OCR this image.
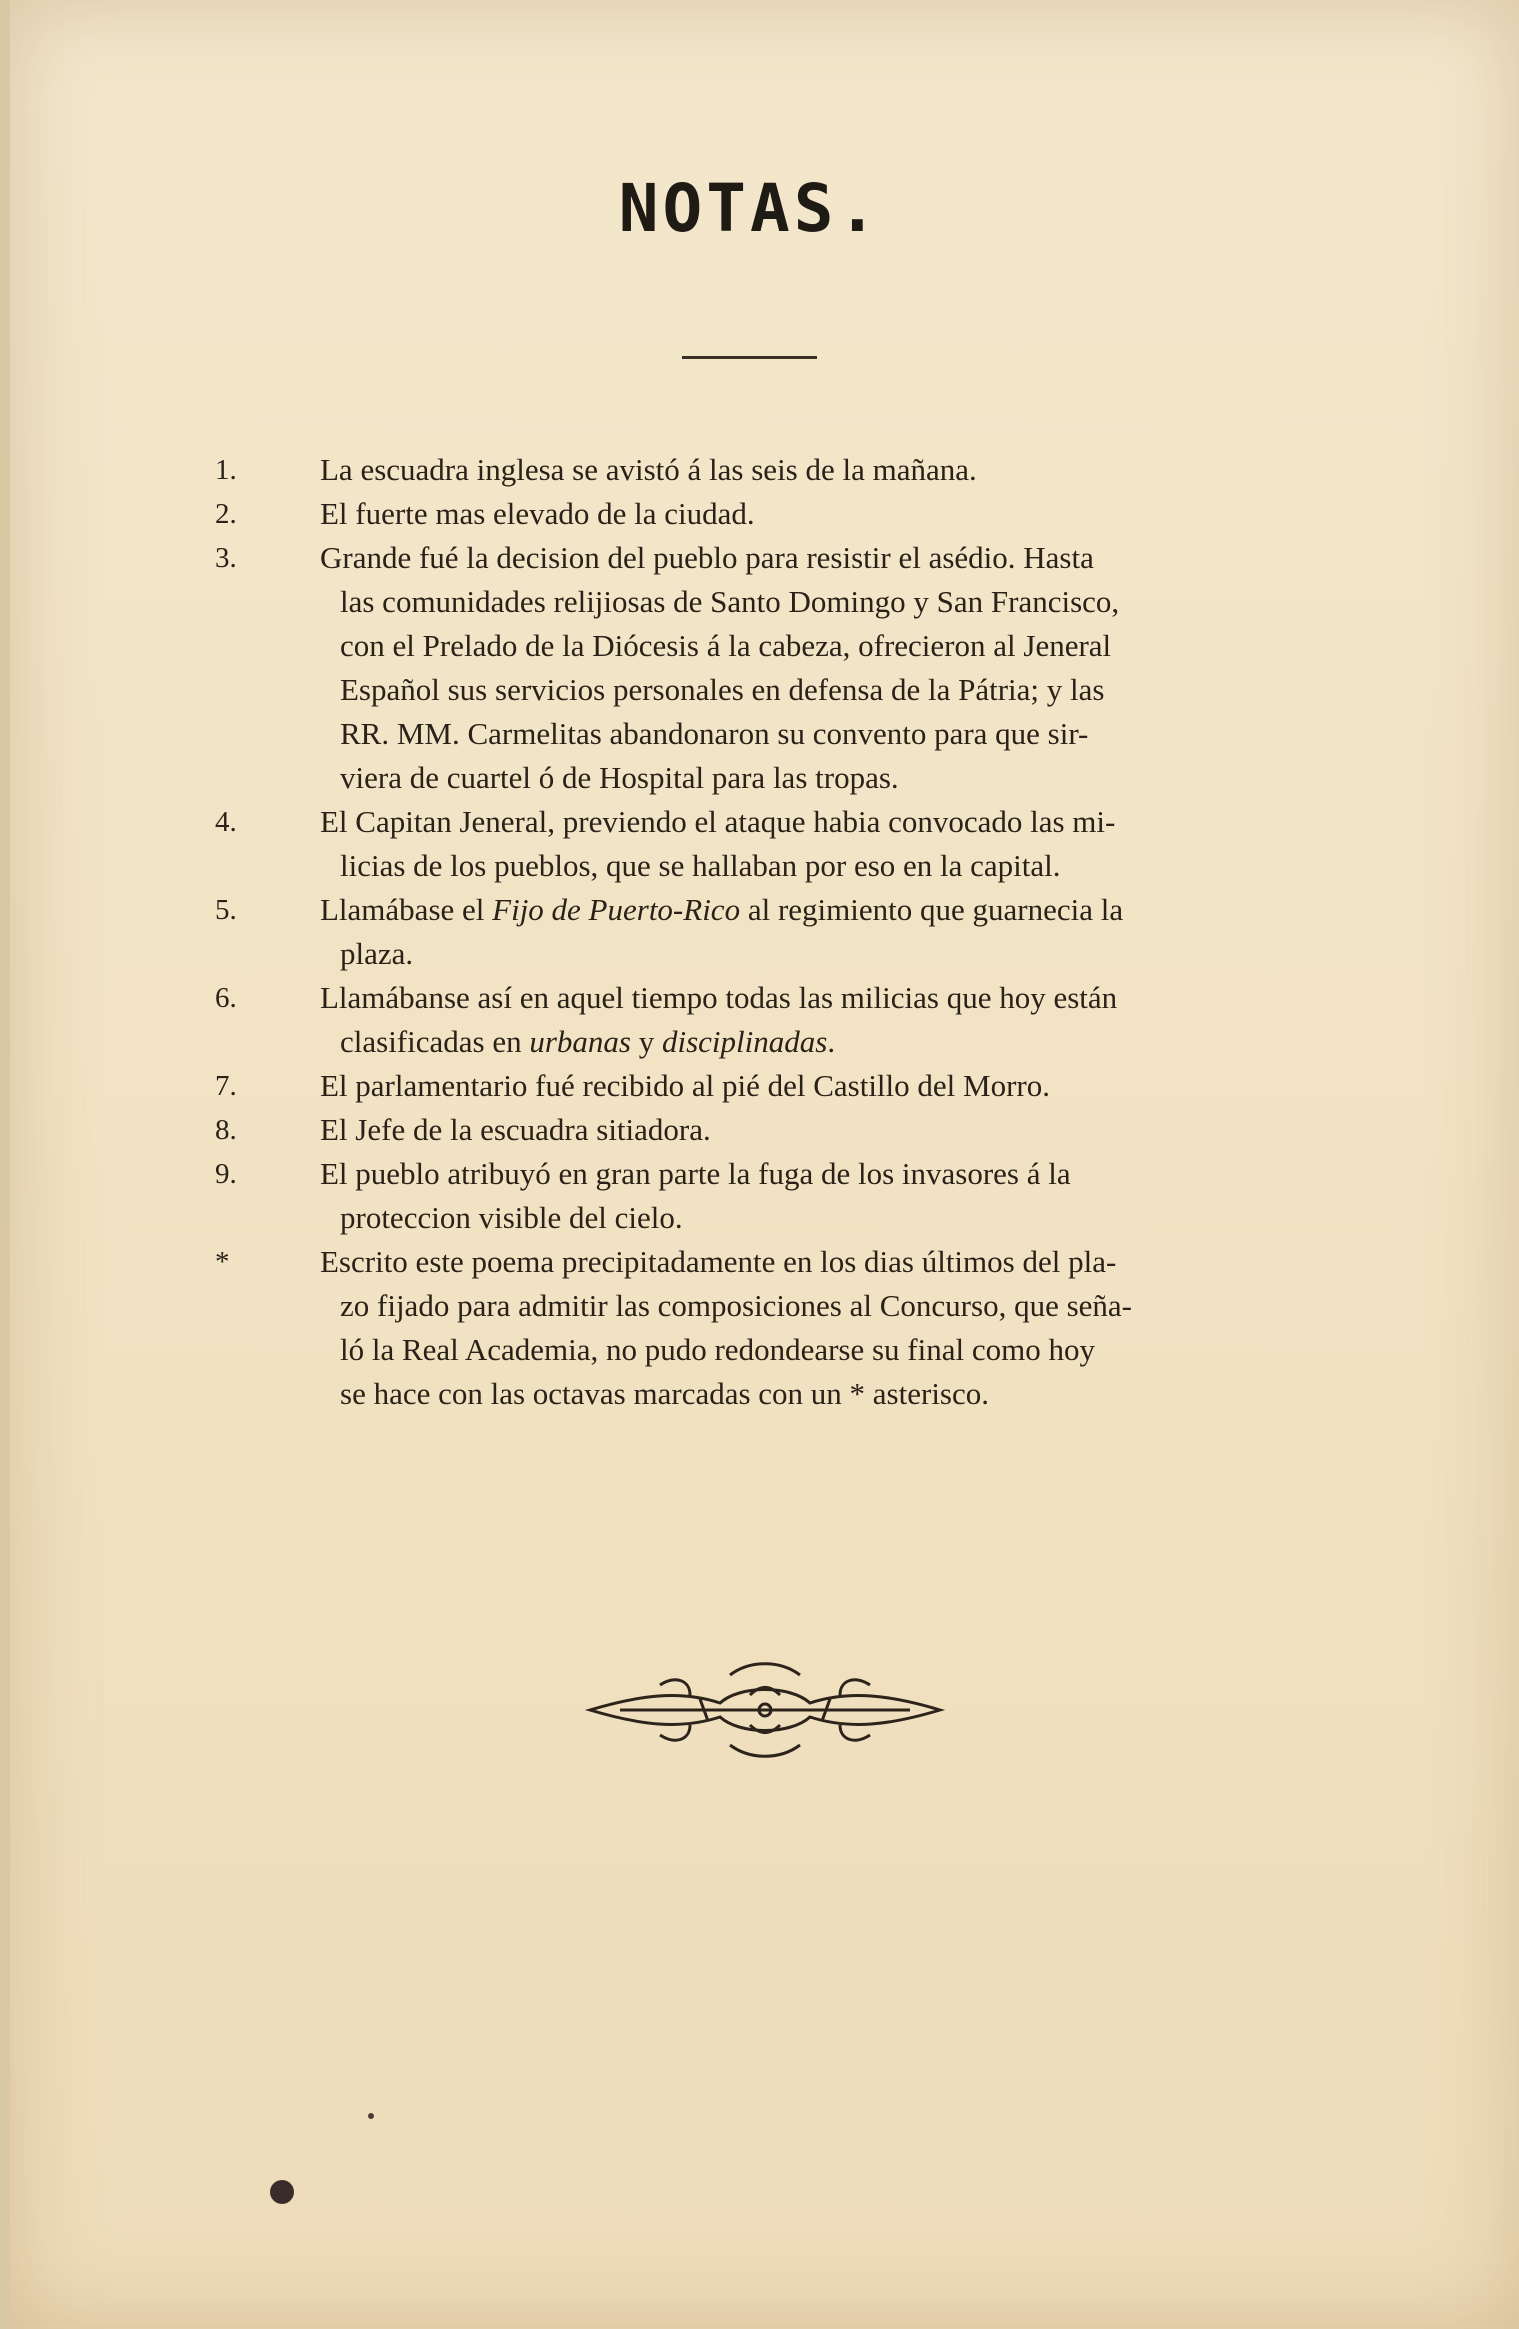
NOTAS.
1.	La escuadra inglesa se avistó á las seis de la mañana.
2.	El fuerte mas elevado de la ciudad.
3.	Grande fué la decision del pueblo para resistir el asédio. Hasta
las comunidades relijiosas de Santo Domingo y San Francisco,
con el Prelado de la Diócesis á la cabeza, ofrecieron al Jeneral
Español sus servicios personales en defensa de la Pátria; y las
RR. MM. Carmelitas abandonaron su convento para que sir-
viera de cuartel ó de Hospital para las tropas.
4.	El Capitan Jeneral, previendo el ataque habia convocado las mi-
licias de los pueblos, que se hallaban por eso en la capital.
5.	Llamábase el Fijo de Puerto-Rico al regimiento que guarnecia la
plaza.
6.	Llamábanse así en aquel tiempo todas las milicias que hoy están
clasificadas en urbanas y disciplinadas.
7.	El parlamentario fué recibido al pié del Castillo del Morro.
8.	El Jefe de la escuadra sitiadora.
9.	El pueblo atribuyó en gran parte la fuga de los invasores á la
proteccion visible del cielo.
*	Escrito este poema precipitadamente en los dias últimos del pla-
zo fijado para admitir las composiciones al Concurso, que seña-
ló la Real Academia, no pudo redondearse su final como hoy
se hace con las octavas marcadas con un * asterisco.
